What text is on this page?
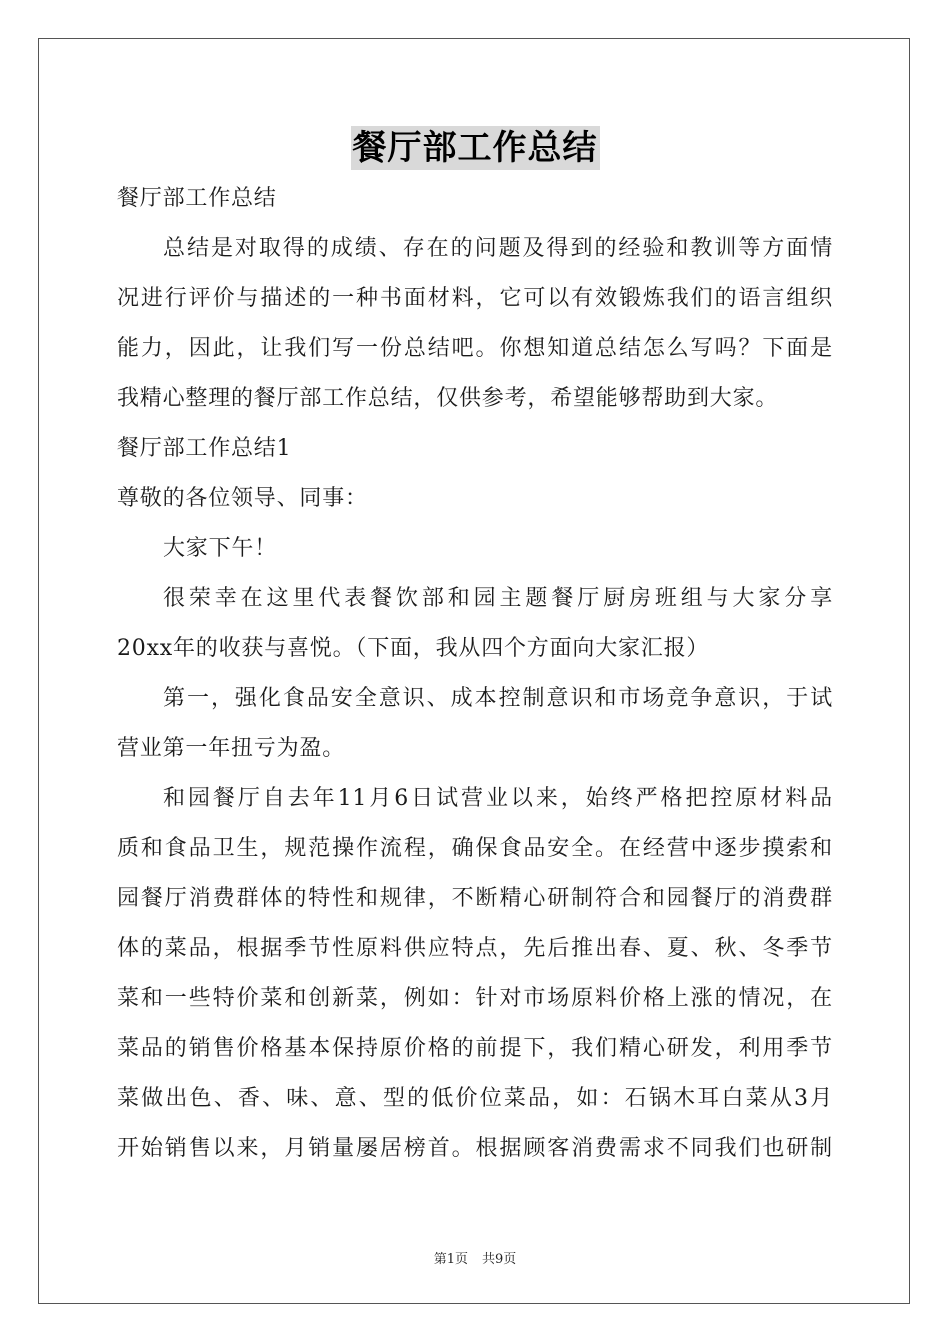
餐厅部工作总结
餐厅部工作总结
总结是对取得的成绩、存在的问题及得到的经验和教训等方面情
况进行评价与描述的一种书面材料，它可以有效锻炼我们的语言组织
能力，因此，让我们写一份总结吧。你想知道总结怎么写吗？下面是
我精心整理的餐厅部工作总结，仅供参考，希望能够帮助到大家。
餐厅部工作总结1
尊敬的各位领导、同事：
大家下午！
很荣幸在这里代表餐饮部和园主题餐厅厨房班组与大家分享
20xx年的收获与喜悦。（下面，我从四个方面向大家汇报）
第一，强化食品安全意识、成本控制意识和市场竞争意识，于试
营业第一年扭亏为盈。
和园餐厅自去年11月6日试营业以来，始终严格把控原材料品
质和食品卫生，规范操作流程，确保食品安全。在经营中逐步摸索和
园餐厅消费群体的特性和规律，不断精心研制符合和园餐厅的消费群
体的菜品，根据季节性原料供应特点，先后推出春、夏、秋、冬季节
菜和一些特价菜和创新菜，例如：针对市场原料价格上涨的情况，在
菜品的销售价格基本保持原价格的前提下，我们精心研发，利用季节
菜做出色、香、味、意、型的低价位菜品，如：石锅木耳白菜从3月
开始销售以来，月销量屡居榜首。根据顾客消费需求不同我们也研制
第1页 共9页
